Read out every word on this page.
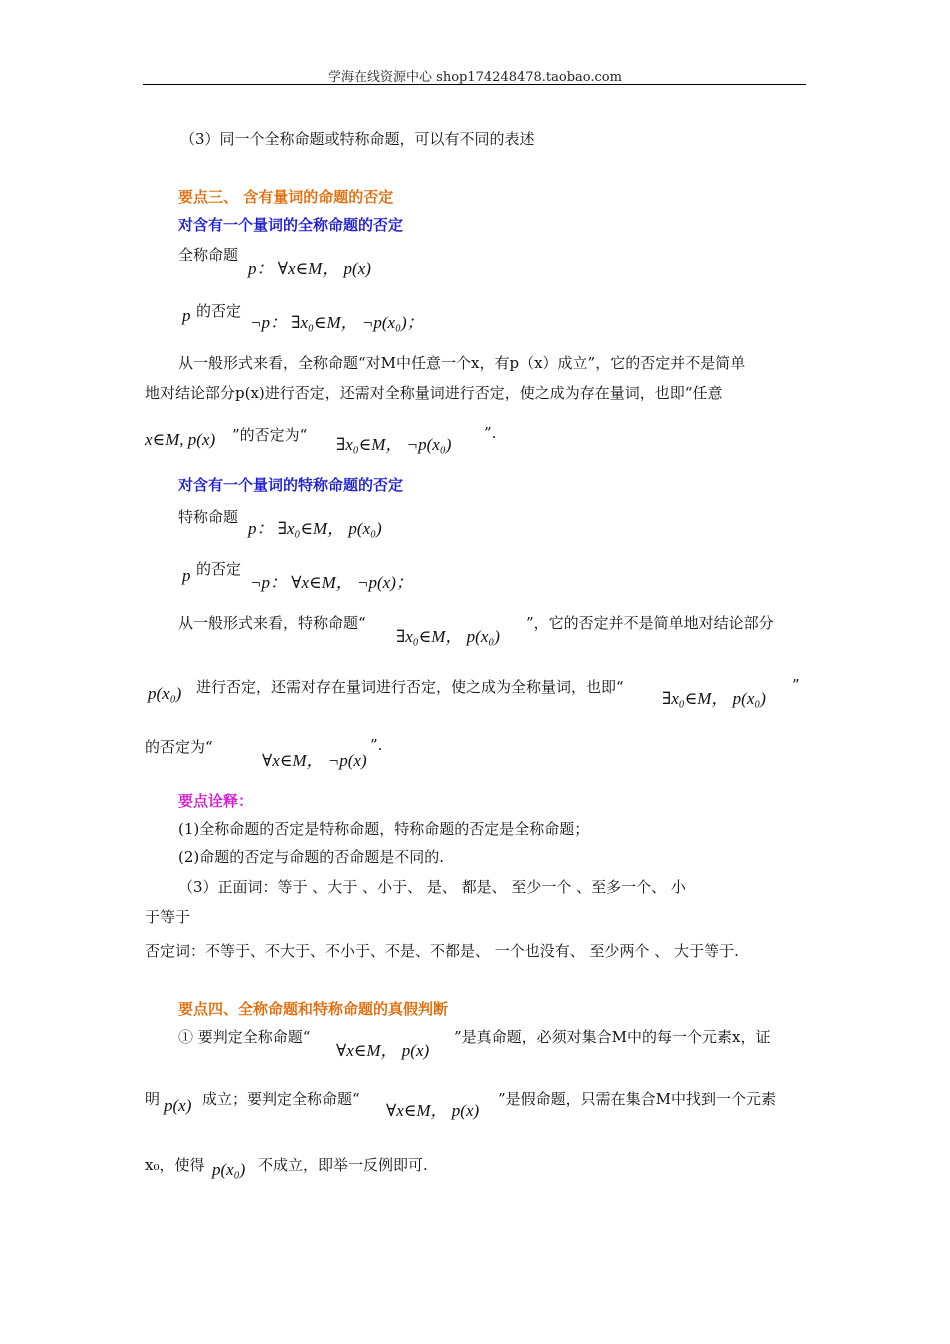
学海在线资源中心 shop174248478.taobao.com
（3）同一个全称命题或特称命题，可以有不同的表述
要点三、 含有量词的命题的否定
对含有一个量词的全称命题的否定
全称命题
p： ∀x∈M， p(x)
p 的否定
¬p： ∃x₀∈M， ¬p(x₀)；
从一般形式来看，全称命题“对M中任意一个x，有p（x）成立”，它的否定并不是简单
地对结论部分p(x)进行否定，还需对全称量词进行否定，使之成为存在量词，也即“任意
x∈M, p(x) ”的否定为“ ∃x₀∈M， ¬p(x₀)
”.
对含有一个量词的特称命题的否定
特称命题
p： ∃x₀∈M， p(x₀)
p 的否定
¬p： ∀x∈M， ¬p(x)；
从一般形式来看，特称命题“
∃x₀∈M， p(x₀)
”，它的否定并不是简单地对结论部分
p(x₀) 进行否定，还需对存在量词进行否定，使之成为全称量词，也即“
∃x₀∈M， p(x₀)
”
的否定为“
∀x∈M， ¬p(x)
”.
要点诠释：
(1)全称命题的否定是特称命题，特称命题的否定是全称命题；
(2)命题的否定与命题的否命题是不同的.
（3）正面词：等于 、大于 、小于、 是、 都是、 至少一个 、至多一个、 小
于等于
否定词：不等于、不大于、不小于、不是、不都是、 一个也没有、 至少两个 、 大于等于.
要点四、全称命题和特称命题的真假判断
① 要判定全称命题“
∀x∈M， p(x)
”是真命题，必须对集合M中的每一个元素x，证
明 p(x) 成立；要判定全称命题“
∀x∈M， p(x)
”是假命题，只需在集合M中找到一个元素
x₀，使得 p(x₀) 不成立，即举一反例即可.
